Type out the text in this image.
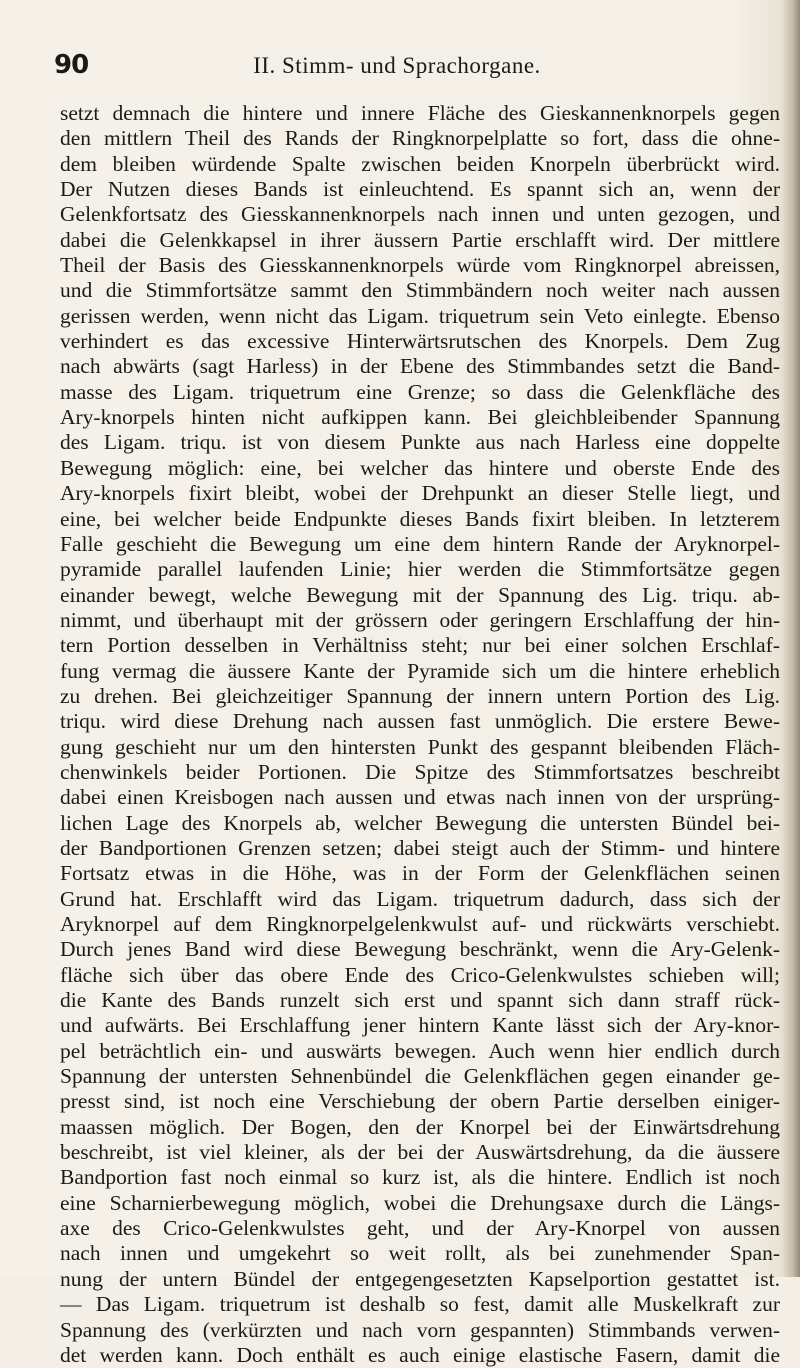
90	II. Stimm- und Sprachorgane.
setzt demnach die hintere und innere Fläche des Gieskannenknorpels gegen
den mittlern Theil des Rands der Ringknorpelplatte so fort, dass die ohne-
dem bleiben würdende Spalte zwischen beiden Knorpeln überbrückt wird.
Der Nutzen dieses Bands ist einleuchtend. Es spannt sich an, wenn der
Gelenkfortsatz des Giesskannenknorpels nach innen und unten gezogen, und
dabei die Gelenkkapsel in ihrer äussern Partie erschlafft wird. Der mittlere
Theil der Basis des Giesskannenknorpels würde vom Ringknorpel abreissen,
und die Stimmfortsätze sammt den Stimmbändern noch weiter nach aussen
gerissen werden, wenn nicht das Ligam. triquetrum sein Veto einlegte. Ebenso
verhindert es das excessive Hinterwärtsrutschen des Knorpels. Dem Zug
nach abwärts (sagt Harless) in der Ebene des Stimmbandes setzt die Band-
masse des Ligam. triquetrum eine Grenze; so dass die Gelenkfläche des
Ary-knorpels hinten nicht aufkippen kann. Bei gleichbleibender Spannung
des Ligam. triqu. ist von diesem Punkte aus nach Harless eine doppelte
Bewegung möglich: eine, bei welcher das hintere und oberste Ende des
Ary-knorpels fixirt bleibt, wobei der Drehpunkt an dieser Stelle liegt, und
eine, bei welcher beide Endpunkte dieses Bands fixirt bleiben. In letzterem
Falle geschieht die Bewegung um eine dem hintern Rande der Aryknorpel-
pyramide parallel laufenden Linie; hier werden die Stimmfortsätze gegen
einander bewegt, welche Bewegung mit der Spannung des Lig. triqu. ab-
nimmt, und überhaupt mit der grössern oder geringern Erschlaffung der hin-
tern Portion desselben in Verhältniss steht; nur bei einer solchen Erschlaf-
fung vermag die äussere Kante der Pyramide sich um die hintere erheblich
zu drehen. Bei gleichzeitiger Spannung der innern untern Portion des Lig.
triqu. wird diese Drehung nach aussen fast unmöglich. Die erstere Bewe-
gung geschieht nur um den hintersten Punkt des gespannt bleibenden Fläch-
chenwinkels beider Portionen. Die Spitze des Stimmfortsatzes beschreibt
dabei einen Kreisbogen nach aussen und etwas nach innen von der ursprüng-
lichen Lage des Knorpels ab, welcher Bewegung die untersten Bündel bei-
der Bandportionen Grenzen setzen; dabei steigt auch der Stimm- und hintere
Fortsatz etwas in die Höhe, was in der Form der Gelenkflächen seinen
Grund hat. Erschlafft wird das Ligam. triquetrum dadurch, dass sich der
Aryknorpel auf dem Ringknorpelgelenkwulst auf- und rückwärts verschiebt.
Durch jenes Band wird diese Bewegung beschränkt, wenn die Ary-Gelenk-
fläche sich über das obere Ende des Crico-Gelenkwulstes schieben will;
die Kante des Bands runzelt sich erst und spannt sich dann straff rück-
und aufwärts. Bei Erschlaffung jener hintern Kante lässt sich der Ary-knor-
pel beträchtlich ein- und auswärts bewegen. Auch wenn hier endlich durch
Spannung der untersten Sehnenbündel die Gelenkflächen gegen einander ge-
presst sind, ist noch eine Verschiebung der obern Partie derselben einiger-
maassen möglich. Der Bogen, den der Knorpel bei der Einwärtsdrehung
beschreibt, ist viel kleiner, als der bei der Auswärtsdrehung, da die äussere
Bandportion fast noch einmal so kurz ist, als die hintere. Endlich ist noch
eine Scharnierbewegung möglich, wobei die Drehungsaxe durch die Längs-
axe des Crico-Gelenkwulstes geht, und der Ary-Knorpel von aussen
nach innen und umgekehrt so weit rollt, als bei zunehmender Span-
nung der untern Bündel der entgegengesetzten Kapselportion gestattet ist.
— Das Ligam. triquetrum ist deshalb so fest, damit alle Muskelkraft zur
Spannung des (verkürzten und nach vorn gespannten) Stimmbands verwen-
det werden kann. Doch enthält es auch einige elastische Fasern, damit die
